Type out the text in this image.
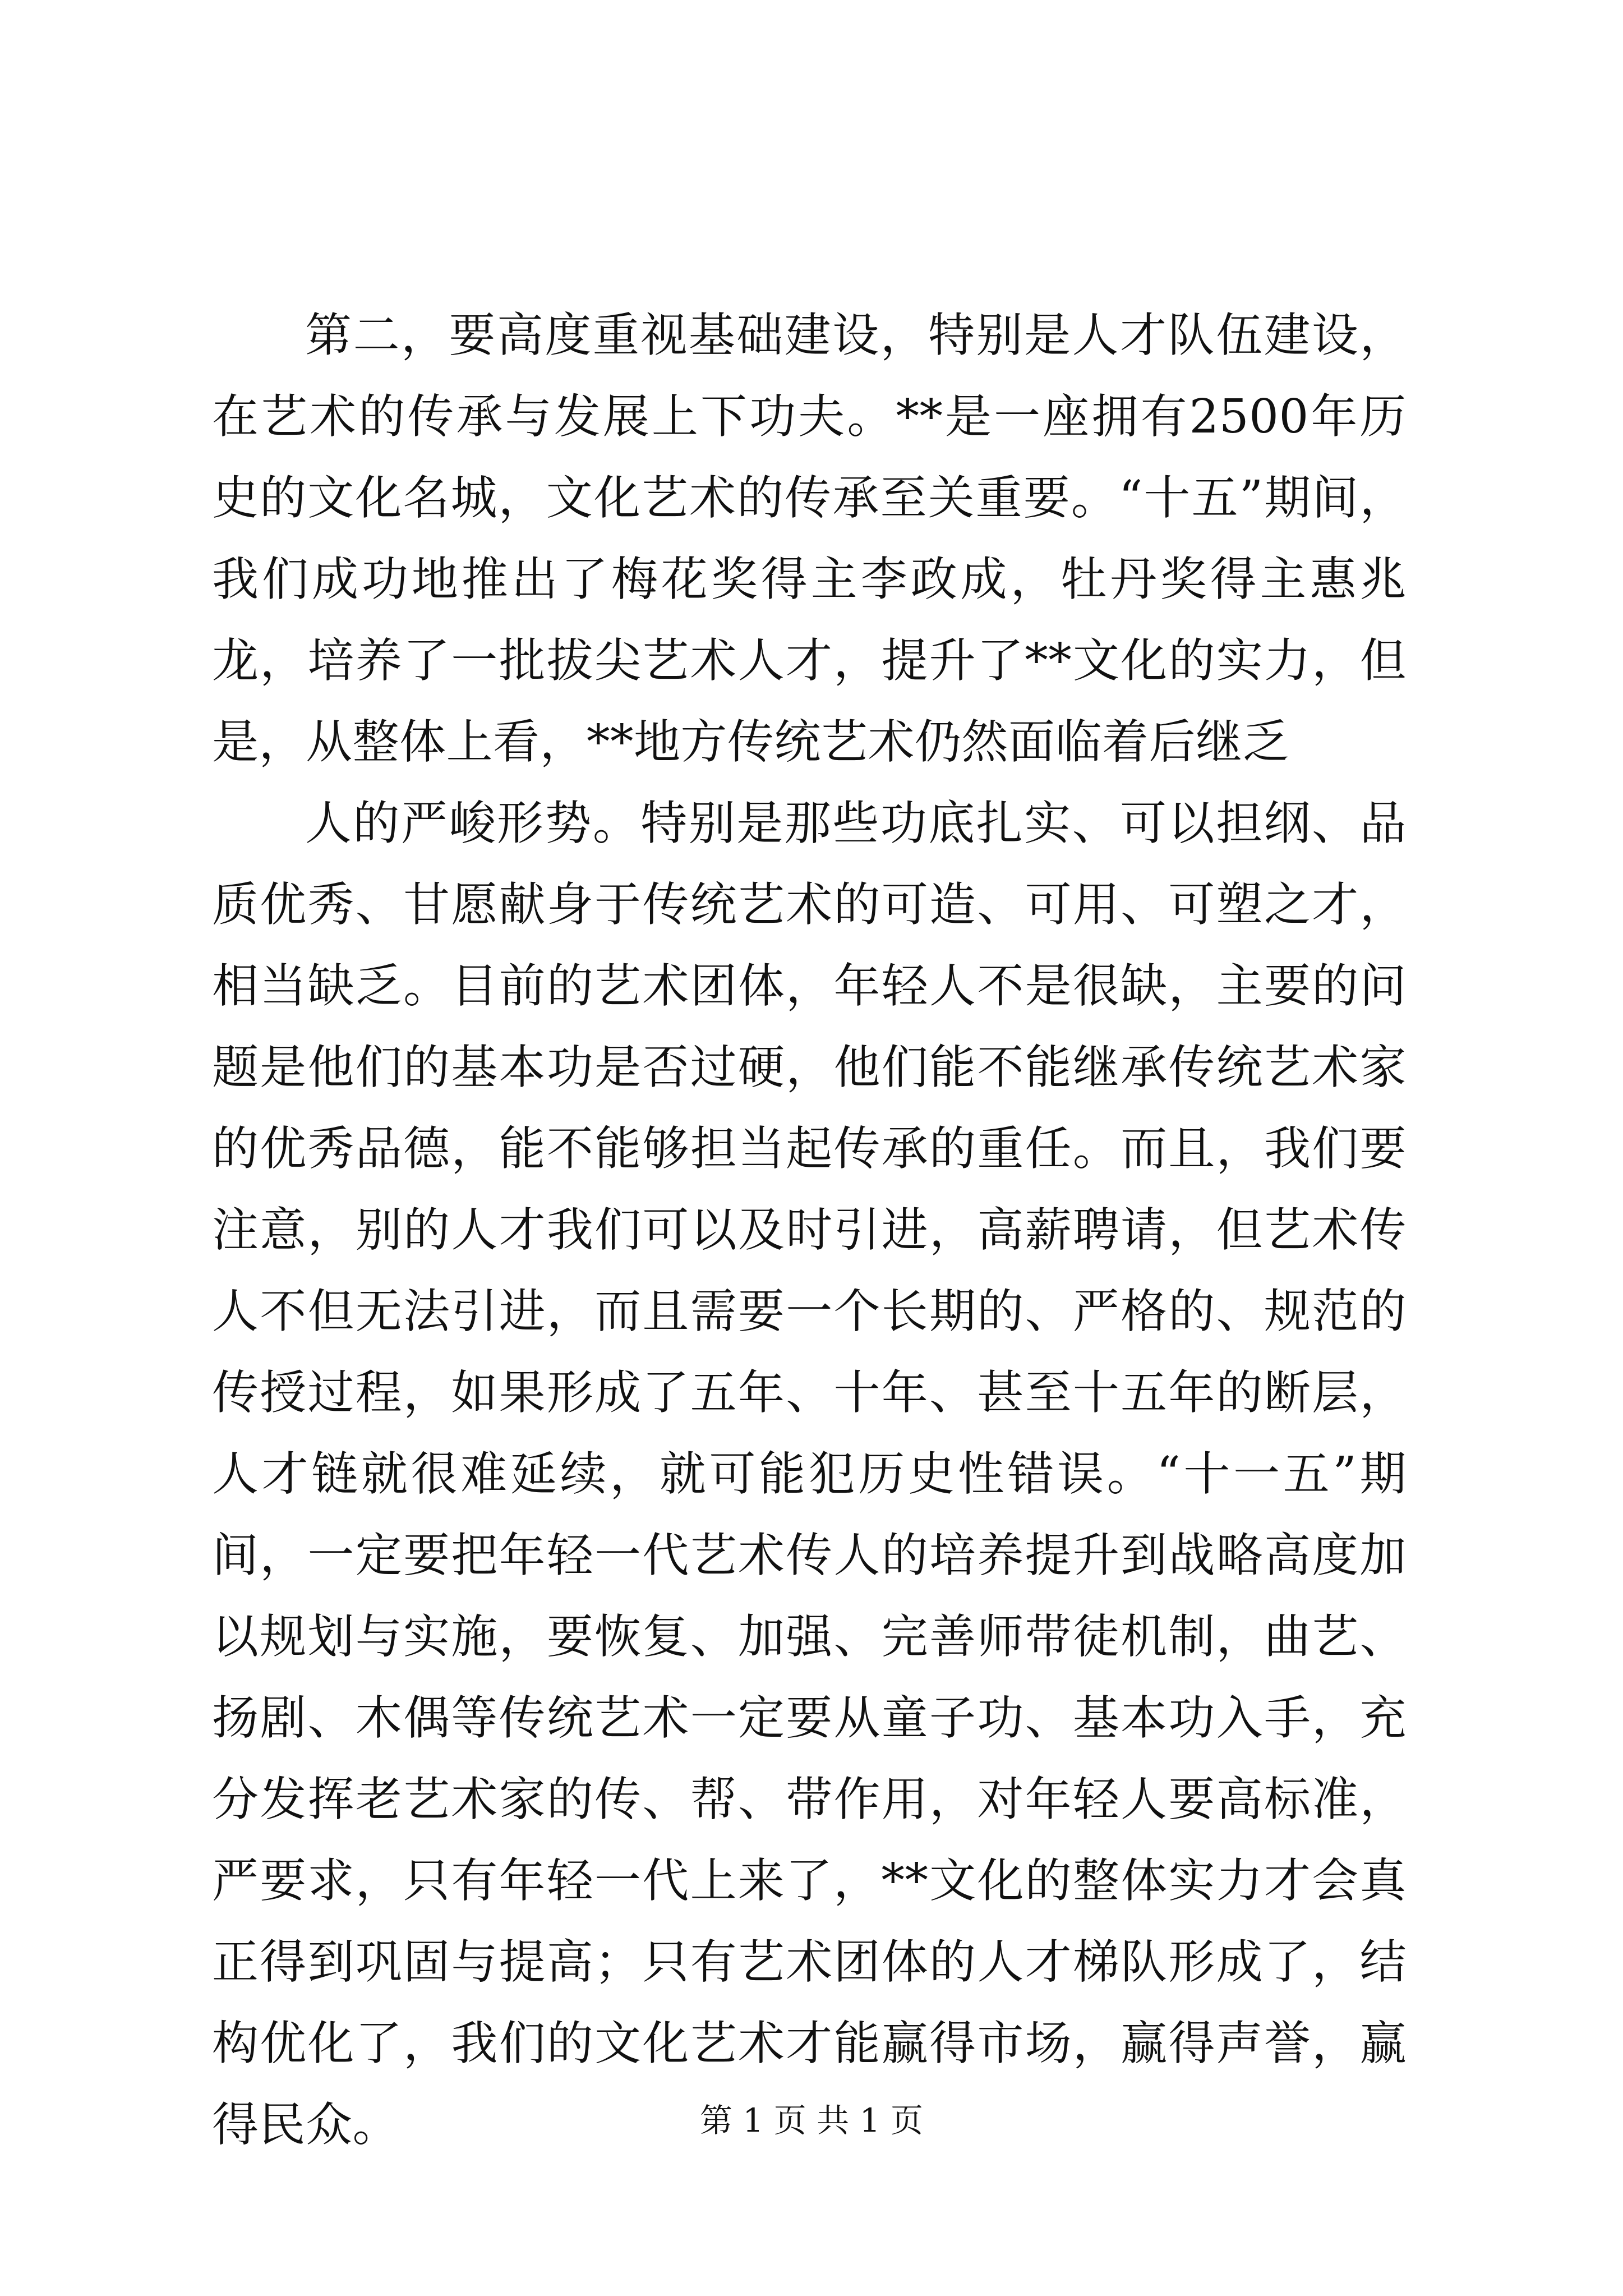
第二，要高度重视基础建设，特别是人才队伍建设，在艺术的传承与发展上下功夫。**是一座拥有2500年历史的文化名城，文化艺术的传承至关重要。“十五”期间，我们成功地推出了梅花奖得主李政成，牡丹奖得主惠兆龙，培养了一批拔尖艺术人才，提升了**文化的实力，但是，从整体上看，**地方传统艺术仍然面临着后继乏

人的严峻形势。特别是那些功底扎实、可以担纲、品质优秀、甘愿献身于传统艺术的可造、可用、可塑之才，相当缺乏。目前的艺术团体，年轻人不是很缺，主要的问题是他们的基本功是否过硬，他们能不能继承传统艺术家的优秀品德，能不能够担当起传承的重任。而且，我们要注意，别的人才我们可以及时引进，高薪聘请，但艺术传人不但无法引进，而且需要一个长期的、严格的、规范的传授过程，如果形成了五年、十年、甚至十五年的断层，人才链就很难延续，就可能犯历史性错误。“十一五”期间，一定要把年轻一代艺术传人的培养提升到战略高度加以规划与实施，要恢复、加强、完善师带徒机制，曲艺、扬剧、木偶等传统艺术一定要从童子功、基本功入手，充分发挥老艺术家的传、帮、带作用，对年轻人要高标准，严要求，只有年轻一代上来了，**文化的整体实力才会真正得到巩固与提高；只有艺术团体的人才梯队形成了，结构优化了，我们的文化艺术才能赢得市场，赢得声誉，赢得民众。	第 1 页 共 1 页
